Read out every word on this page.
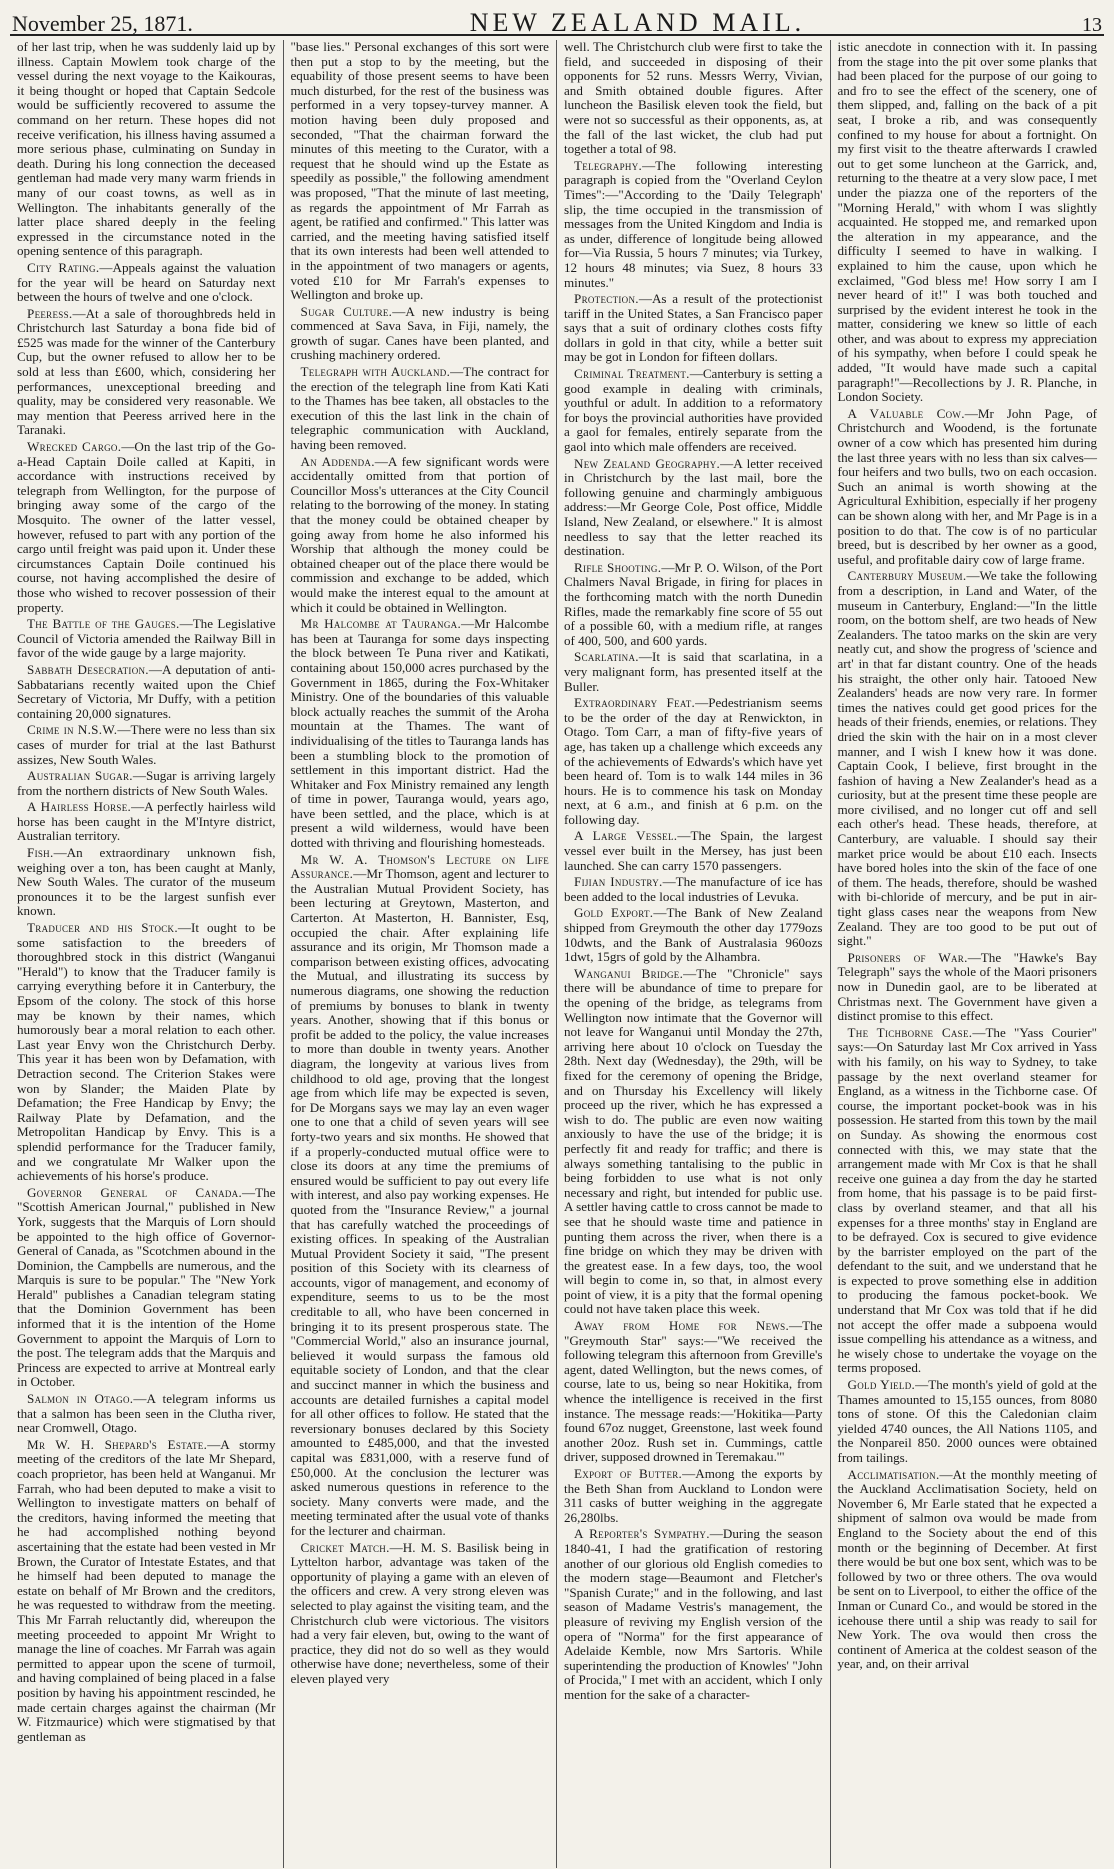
November 25, 1871.	NEW ZEALAND MAIL.	13

of her last trip, when he was suddenly laid up by illness. Captain Mowlem took charge of the vessel during the next voyage to the Kaikouras, it being thought or hoped that Captain Sedcole would be sufficiently recovered to assume the command on her return. These hopes did not receive verification, his illness having assumed a more serious phase, culminating on Sunday in death. During his long connection the deceased gentleman had made very many warm friends in many of our coast towns, as well as in Wellington. The inhabitants generally of the latter place shared deeply in the feeling expressed in the circumstance noted in the opening sentence of this paragraph.

City Rating.—Appeals against the valuation for the year will be heard on Saturday next between the hours of twelve and one o'clock.

Peeress.—At a sale of thoroughbreds held in Christchurch last Saturday a bona fide bid of £525 was made for the winner of the Canterbury Cup, but the owner refused to allow her to be sold at less than £600, which, considering her performances, unexceptional breeding and quality, may be considered very reasonable. We may mention that Peeress arrived here in the Taranaki.

Wrecked Cargo.—On the last trip of the Go-a-Head Captain Doile called at Kapiti, in accordance with instructions received by telegraph from Wellington, for the purpose of bringing away some of the cargo of the Mosquito. The owner of the latter vessel, however, refused to part with any portion of the cargo until freight was paid upon it. Under these circumstances Captain Doile continued his course, not having accomplished the desire of those who wished to recover possession of their property.

The Battle of the Gauges.—The Legislative Council of Victoria amended the Railway Bill in favor of the wide gauge by a large majority.

Sabbath Desecration.—A deputation of anti-Sabbatarians recently waited upon the Chief Secretary of Victoria, Mr Duffy, with a petition containing 20,000 signatures.

Crime in N.S.W.—There were no less than six cases of murder for trial at the last Bathurst assizes, New South Wales.

Australian Sugar.—Sugar is arriving largely from the northern districts of New South Wales.

A Hairless Horse.—A perfectly hairless wild horse has been caught in the M'Intyre district, Australian territory.

Fish.—An extraordinary unknown fish, weighing over a ton, has been caught at Manly, New South Wales. The curator of the museum pronounces it to be the largest sunfish ever known.

Traducer and his Stock.—It ought to be some satisfaction to the breeders of thoroughbred stock in this district (Wanganui "Herald") to know that the Traducer family is carrying everything before it in Canterbury, the Epsom of the colony. The stock of this horse may be known by their names, which humorously bear a moral relation to each other. Last year Envy won the Christchurch Derby. This year it has been won by Defamation, with Detraction second. The Criterion Stakes were won by Slander; the Maiden Plate by Defamation; the Free Handicap by Envy; the Railway Plate by Defamation, and the Metropolitan Handicap by Envy. This is a splendid performance for the Traducer family, and we congratulate Mr Walker upon the achievements of his horse's produce.

Governor General of Canada.—The "Scottish American Journal," published in New York, suggests that the Marquis of Lorn should be appointed to the high office of Governor-General of Canada, as "Scotchmen abound in the Dominion, the Campbells are numerous, and the Marquis is sure to be popular." The "New York Herald" publishes a Canadian telegram stating that the Dominion Government has been informed that it is the intention of the Home Government to appoint the Marquis of Lorn to the post. The telegram adds that the Marquis and Princess are expected to arrive at Montreal early in October.

Salmon in Otago.—A telegram informs us that a salmon has been seen in the Clutha river, near Cromwell, Otago.

Mr W. H. Shepard's Estate.—A stormy meeting of the creditors of the late Mr Shepard, coach proprietor, has been held at Wanganui. Mr Farrah, who had been deputed to make a visit to Wellington to investigate matters on behalf of the creditors, having informed the meeting that he had accomplished nothing beyond ascertaining that the estate had been vested in Mr Brown, the Curator of Intestate Estates, and that he himself had been deputed to manage the estate on behalf of Mr Brown and the creditors, he was requested to withdraw from the meeting. This Mr Farrah reluctantly did, whereupon the meeting proceeded to appoint Mr Wright to manage the line of coaches. Mr Farrah was again permitted to appear upon the scene of turmoil, and having complained of being placed in a false position by having his appointment rescinded, he made certain charges against the chairman (Mr W. Fitzmaurice) which were stigmatised by that gentleman as

"base lies." Personal exchanges of this sort were then put a stop to by the meeting, but the equability of those present seems to have been much disturbed, for the rest of the business was performed in a very topsey-turvey manner. A motion having been duly proposed and seconded, "That the chairman forward the minutes of this meeting to the Curator, with a request that he should wind up the Estate as speedily as possible," the following amendment was proposed, "That the minute of last meeting, as regards the appointment of Mr Farrah as agent, be ratified and confirmed." This latter was carried, and the meeting having satisfied itself that its own interests had been well attended to in the appointment of two managers or agents, voted £10 for Mr Farrah's expenses to Wellington and broke up.

Sugar Culture.—A new industry is being commenced at Sava Sava, in Fiji, namely, the growth of sugar. Canes have been planted, and crushing machinery ordered.

Telegraph with Auckland.—The contract for the erection of the telegraph line from Kati Kati to the Thames has bee taken, all obstacles to the execution of this the last link in the chain of telegraphic communication with Auckland, having been removed.

An Addenda.—A few significant words were accidentally omitted from that portion of Councillor Moss's utterances at the City Council relating to the borrowing of the money. In stating that the money could be obtained cheaper by going away from home he also informed his Worship that although the money could be obtained cheaper out of the place there would be commission and exchange to be added, which would make the interest equal to the amount at which it could be obtained in Wellington.

Mr Halcombe at Tauranga.—Mr Halcombe has been at Tauranga for some days inspecting the block between Te Puna river and Katikati, containing about 150,000 acres purchased by the Government in 1865, during the Fox-Whitaker Ministry. One of the boundaries of this valuable block actually reaches the summit of the Aroha mountain at the Thames. The want of individualising of the titles to Tauranga lands has been a stumbling block to the promotion of settlement in this important district. Had the Whitaker and Fox Ministry remained any length of time in power, Tauranga would, years ago, have been settled, and the place, which is at present a wild wilderness, would have been dotted with thriving and flourishing homesteads.

Mr W. A. Thomson's Lecture on Life Assurance.—Mr Thomson, agent and lecturer to the Australian Mutual Provident Society, has been lecturing at Greytown, Masterton, and Carterton. At Masterton, H. Bannister, Esq, occupied the chair. After explaining life assurance and its origin, Mr Thomson made a comparison between existing offices, advocating the Mutual, and illustrating its success by numerous diagrams, one showing the reduction of premiums by bonuses to blank in twenty years. Another, showing that if this bonus or profit be added to the policy, the value increases to more than double in twenty years. Another diagram, the longevity at various lives from childhood to old age, proving that the longest age from which life may be expected is seven, for De Morgans says we may lay an even wager one to one that a child of seven years will see forty-two years and six months. He showed that if a properly-conducted mutual office were to close its doors at any time the premiums of ensured would be sufficient to pay out every life with interest, and also pay working expenses. He quoted from the "Insurance Review," a journal that has carefully watched the proceedings of existing offices. In speaking of the Australian Mutual Provident Society it said, "The present position of this Society with its clearness of accounts, vigor of management, and economy of expenditure, seems to us to be the most creditable to all, who have been concerned in bringing it to its present prosperous state. The "Commercial World," also an insurance journal, believed it would surpass the famous old equitable society of London, and that the clear and succinct manner in which the business and accounts are detailed furnishes a capital model for all other offices to follow. He stated that the reversionary bonuses declared by this Society amounted to £485,000, and that the invested capital was £831,000, with a reserve fund of £50,000. At the conclusion the lecturer was asked numerous questions in reference to the society. Many converts were made, and the meeting terminated after the usual vote of thanks for the lecturer and chairman.

Cricket Match.—H. M. S. Basilisk being in Lyttelton harbor, advantage was taken of the opportunity of playing a game with an eleven of the officers and crew. A very strong eleven was selected to play against the visiting team, and the Christchurch club were victorious. The visitors had a very fair eleven, but, owing to the want of practice, they did not do so well as they would otherwise have done; nevertheless, some of their eleven played very

well. The Christchurch club were first to take the field, and succeeded in disposing of their opponents for 52 runs. Messrs Werry, Vivian, and Smith obtained double figures. After luncheon the Basilisk eleven took the field, but were not so successful as their opponents, as, at the fall of the last wicket, the club had put together a total of 98.

Telegraphy.—The following interesting paragraph is copied from the "Overland Ceylon Times":—"According to the 'Daily Telegraph' slip, the time occupied in the transmission of messages from the United Kingdom and India is as under, difference of longitude being allowed for—Via Russia, 5 hours 7 minutes; via Turkey, 12 hours 48 minutes; via Suez, 8 hours 33 minutes."

Protection.—As a result of the protectionist tariff in the United States, a San Francisco paper says that a suit of ordinary clothes costs fifty dollars in gold in that city, while a better suit may be got in London for fifteen dollars.

Criminal Treatment.—Canterbury is setting a good example in dealing with criminals, youthful or adult. In addition to a reformatory for boys the provincial authorities have provided a gaol for females, entirely separate from the gaol into which male offenders are received.

New Zealand Geography.—A letter received in Christchurch by the last mail, bore the following genuine and charmingly ambiguous address:—Mr George Cole, Post office, Middle Island, New Zealand, or elsewhere." It is almost needless to say that the letter reached its destination.

Rifle Shooting.—Mr P. O. Wilson, of the Port Chalmers Naval Brigade, in firing for places in the forthcoming match with the north Dunedin Rifles, made the remarkably fine score of 55 out of a possible 60, with a medium rifle, at ranges of 400, 500, and 600 yards.

Scarlatina.—It is said that scarlatina, in a very malignant form, has presented itself at the Buller.

Extraordinary Feat.—Pedestrianism seems to be the order of the day at Renwickton, in Otago. Tom Carr, a man of fifty-five years of age, has taken up a challenge which exceeds any of the achievements of Edwards's which have yet been heard of. Tom is to walk 144 miles in 36 hours. He is to commence his task on Monday next, at 6 a.m., and finish at 6 p.m. on the following day.

A Large Vessel.—The Spain, the largest vessel ever built in the Mersey, has just been launched. She can carry 1570 passengers.

Fijian Industry.—The manufacture of ice has been added to the local industries of Levuka.

Gold Export.—The Bank of New Zealand shipped from Greymouth the other day 1779ozs 10dwts, and the Bank of Australasia 960ozs 1dwt, 15grs of gold by the Alhambra.

Wanganui Bridge.—The "Chronicle" says there will be abundance of time to prepare for the opening of the bridge, as telegrams from Wellington now intimate that the Governor will not leave for Wanganui until Monday the 27th, arriving here about 10 o'clock on Tuesday the 28th. Next day (Wednesday), the 29th, will be fixed for the ceremony of opening the Bridge, and on Thursday his Excellency will likely proceed up the river, which he has expressed a wish to do. The public are even now waiting anxiously to have the use of the bridge; it is perfectly fit and ready for traffic; and there is always something tantalising to the public in being forbidden to use what is not only necessary and right, but intended for public use. A settler having cattle to cross cannot be made to see that he should waste time and patience in punting them across the river, when there is a fine bridge on which they may be driven with the greatest ease. In a few days, too, the wool will begin to come in, so that, in almost every point of view, it is a pity that the formal opening could not have taken place this week.

Away from Home for News.—The "Greymouth Star" says:—"We received the following telegram this afternoon from Greville's agent, dated Wellington, but the news comes, of course, late to us, being so near Hokitika, from whence the intelligence is received in the first instance. The message reads:—'Hokitika—Party found 67oz nugget, Greenstone, last week found another 20oz. Rush set in. Cummings, cattle driver, supposed drowned in Teremakau.'"

Export of Butter.—Among the exports by the Beth Shan from Auckland to London were 311 casks of butter weighing in the aggregate 26,280lbs.

A Reporter's Sympathy.—During the season 1840-41, I had the gratification of restoring another of our glorious old English comedies to the modern stage—Beaumont and Fletcher's "Spanish Curate;" and in the following, and last season of Madame Vestris's management, the pleasure of reviving my English version of the opera of "Norma" for the first appearance of Adelaide Kemble, now Mrs Sartoris. While superintending the production of Knowles' "John of Procida," I met with an accident, which I only mention for the sake of a character-

istic anecdote in connection with it. In passing from the stage into the pit over some planks that had been placed for the purpose of our going to and fro to see the effect of the scenery, one of them slipped, and, falling on the back of a pit seat, I broke a rib, and was consequently confined to my house for about a fortnight. On my first visit to the theatre afterwards I crawled out to get some luncheon at the Garrick, and, returning to the theatre at a very slow pace, I met under the piazza one of the reporters of the "Morning Herald," with whom I was slightly acquainted. He stopped me, and remarked upon the alteration in my appearance, and the difficulty I seemed to have in walking. I explained to him the cause, upon which he exclaimed, "God bless me! How sorry I am I never heard of it!" I was both touched and surprised by the evident interest he took in the matter, considering we knew so little of each other, and was about to express my appreciation of his sympathy, when before I could speak he added, "It would have made such a capital paragraph!"—Recollections by J. R. Planche, in London Society.

A Valuable Cow.—Mr John Page, of Christchurch and Woodend, is the fortunate owner of a cow which has presented him during the last three years with no less than six calves—four heifers and two bulls, two on each occasion. Such an animal is worth showing at the Agricultural Exhibition, especially if her progeny can be shown along with her, and Mr Page is in a position to do that. The cow is of no particular breed, but is described by her owner as a good, useful, and profitable dairy cow of large frame.

Canterbury Museum.—We take the following from a description, in Land and Water, of the museum in Canterbury, England:—"In the little room, on the bottom shelf, are two heads of New Zealanders. The tatoo marks on the skin are very neatly cut, and show the progress of 'science and art' in that far distant country. One of the heads his straight, the other only hair. Tatooed New Zealanders' heads are now very rare. In former times the natives could get good prices for the heads of their friends, enemies, or relations. They dried the skin with the hair on in a most clever manner, and I wish I knew how it was done. Captain Cook, I believe, first brought in the fashion of having a New Zealander's head as a curiosity, but at the present time these people are more civilised, and no longer cut off and sell each other's head. These heads, therefore, at Canterbury, are valuable. I should say their market price would be about £10 each. Insects have bored holes into the skin of the face of one of them. The heads, therefore, should be washed with bi-chloride of mercury, and be put in air-tight glass cases near the weapons from New Zealand. They are too good to be put out of sight."

Prisoners of War.—The "Hawke's Bay Telegraph" says the whole of the Maori prisoners now in Dunedin gaol, are to be liberated at Christmas next. The Government have given a distinct promise to this effect.

The Tichborne Case.—The "Yass Courier" says:—On Saturday last Mr Cox arrived in Yass with his family, on his way to Sydney, to take passage by the next overland steamer for England, as a witness in the Tichborne case. Of course, the important pocket-book was in his possession. He started from this town by the mail on Sunday. As showing the enormous cost connected with this, we may state that the arrangement made with Mr Cox is that he shall receive one guinea a day from the day he started from home, that his passage is to be paid first-class by overland steamer, and that all his expenses for a three months' stay in England are to be defrayed. Cox is secured to give evidence by the barrister employed on the part of the defendant to the suit, and we understand that he is expected to prove something else in addition to producing the famous pocket-book. We understand that Mr Cox was told that if he did not accept the offer made a subpoena would issue compelling his attendance as a witness, and he wisely chose to undertake the voyage on the terms proposed.

Gold Yield.—The month's yield of gold at the Thames amounted to 15,155 ounces, from 8080 tons of stone. Of this the Caledonian claim yielded 4740 ounces, the All Nations 1105, and the Nonpareil 850. 2000 ounces were obtained from tailings.

Acclimatisation.—At the monthly meeting of the Auckland Acclimatisation Society, held on November 6, Mr Earle stated that he expected a shipment of salmon ova would be made from England to the Society about the end of this month or the beginning of December. At first there would be but one box sent, which was to be followed by two or three others. The ova would be sent on to Liverpool, to either the office of the Inman or Cunard Co., and would be stored in the icehouse there until a ship was ready to sail for New York. The ova would then cross the continent of America at the coldest season of the year, and, on their arrival
